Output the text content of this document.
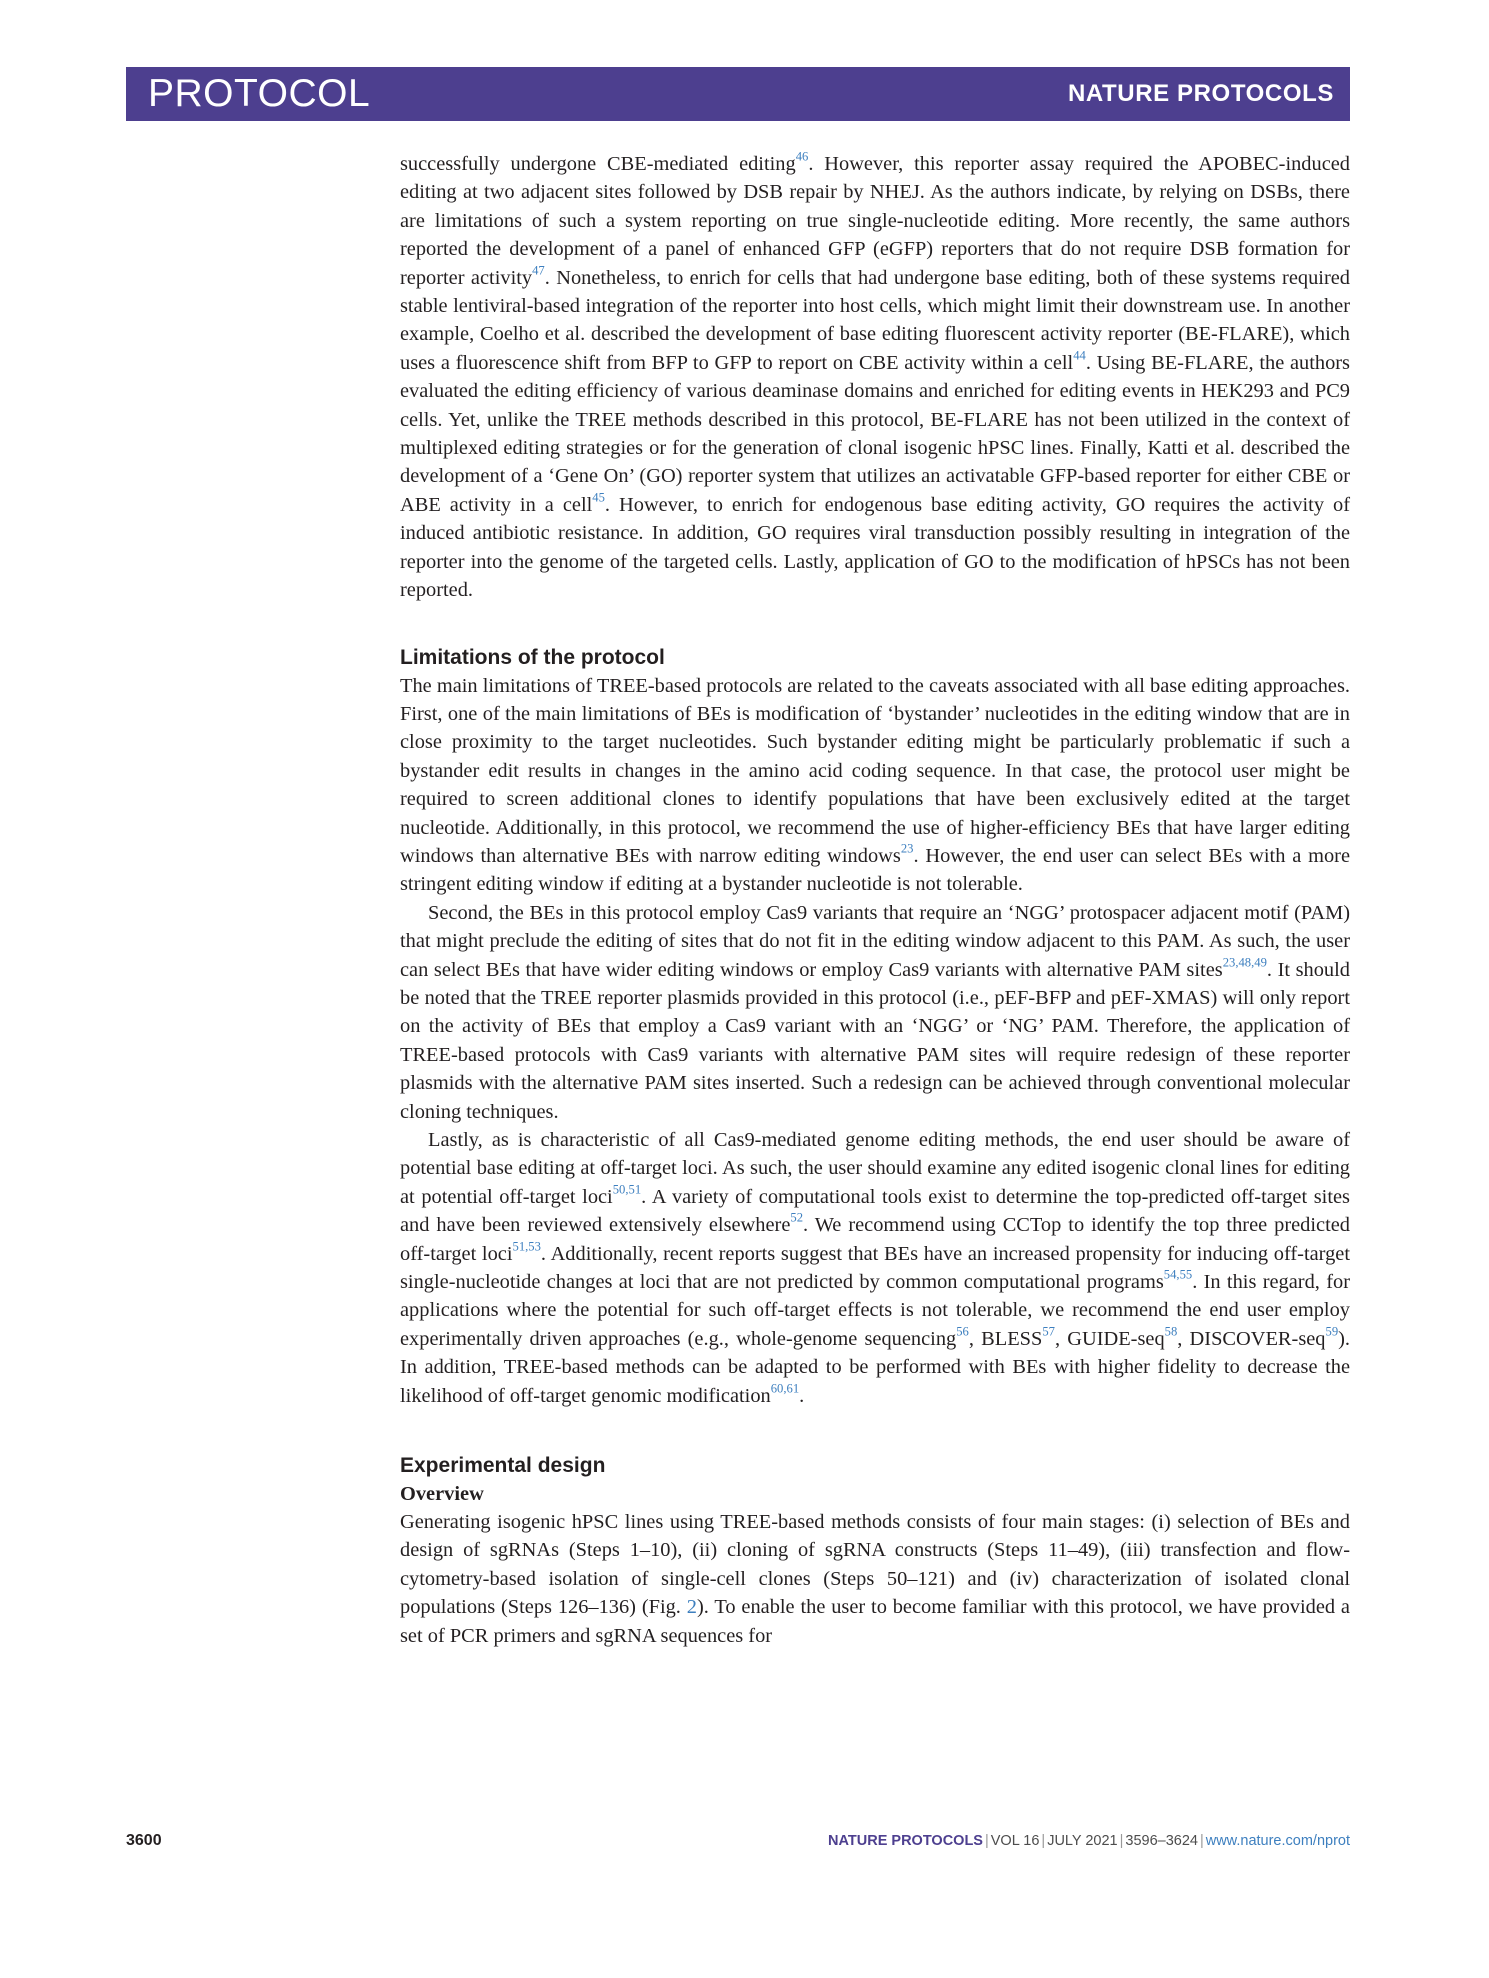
PROTOCOL	NATURE PROTOCOLS

successfully undergone CBE-mediated editing$^{46}$. However, this reporter assay required the APOBEC-induced editing at two adjacent sites followed by DSB repair by NHEJ. As the authors indicate, by relying on DSBs, there are limitations of such a system reporting on true single-nucleotide editing. More recently, the same authors reported the development of a panel of enhanced GFP (eGFP) reporters that do not require DSB formation for reporter activity$^{47}$. Nonetheless, to enrich for cells that had undergone base editing, both of these systems required stable lentiviral-based integration of the reporter into host cells, which might limit their downstream use. In another example, Coelho et al. described the development of base editing fluorescent activity reporter (BE-FLARE), which uses a fluorescence shift from BFP to GFP to report on CBE activity within a cell$^{44}$. Using BE-FLARE, the authors evaluated the editing efficiency of various deaminase domains and enriched for editing events in HEK293 and PC9 cells. Yet, unlike the TREE methods described in this protocol, BE-FLARE has not been utilized in the context of multiplexed editing strategies or for the generation of clonal isogenic hPSC lines. Finally, Katti et al. described the development of a ‘Gene On’ (GO) reporter system that utilizes an activatable GFP-based reporter for either CBE or ABE activity in a cell$^{45}$. However, to enrich for endogenous base editing activity, GO requires the activity of induced antibiotic resistance. In addition, GO requires viral transduction possibly resulting in integration of the reporter into the genome of the targeted cells. Lastly, application of GO to the modification of hPSCs has not been reported.

Limitations of the protocol

The main limitations of TREE-based protocols are related to the caveats associated with all base editing approaches. First, one of the main limitations of BEs is modification of ‘bystander’ nucleotides in the editing window that are in close proximity to the target nucleotides. Such bystander editing might be particularly problematic if such a bystander edit results in changes in the amino acid coding sequence. In that case, the protocol user might be required to screen additional clones to identify populations that have been exclusively edited at the target nucleotide. Additionally, in this protocol, we recommend the use of higher-efficiency BEs that have larger editing windows than alternative BEs with narrow editing windows$^{23}$. However, the end user can select BEs with a more stringent editing window if editing at a bystander nucleotide is not tolerable.

Second, the BEs in this protocol employ Cas9 variants that require an ‘NGG’ protospacer adjacent motif (PAM) that might preclude the editing of sites that do not fit in the editing window adjacent to this PAM. As such, the user can select BEs that have wider editing windows or employ Cas9 variants with alternative PAM sites$^{23,48,49}$. It should be noted that the TREE reporter plasmids provided in this protocol (i.e., pEF-BFP and pEF-XMAS) will only report on the activity of BEs that employ a Cas9 variant with an ‘NGG’ or ‘NG’ PAM. Therefore, the application of TREE-based protocols with Cas9 variants with alternative PAM sites will require redesign of these reporter plasmids with the alternative PAM sites inserted. Such a redesign can be achieved through conventional molecular cloning techniques.

Lastly, as is characteristic of all Cas9-mediated genome editing methods, the end user should be aware of potential base editing at off-target loci. As such, the user should examine any edited isogenic clonal lines for editing at potential off-target loci$^{50,51}$. A variety of computational tools exist to determine the top-predicted off-target sites and have been reviewed extensively elsewhere$^{52}$. We recommend using CCTop to identify the top three predicted off-target loci$^{51,53}$. Additionally, recent reports suggest that BEs have an increased propensity for inducing off-target single-nucleotide changes at loci that are not predicted by common computational programs$^{54,55}$. In this regard, for applications where the potential for such off-target effects is not tolerable, we recommend the end user employ experimentally driven approaches (e.g., whole-genome sequencing$^{56}$, BLESS$^{57}$, GUIDE-seq$^{58}$, DISCOVER-seq$^{59}$). In addition, TREE-based methods can be adapted to be performed with BEs with higher fidelity to decrease the likelihood of off-target genomic modification$^{60,61}$.

Experimental design
Overview

Generating isogenic hPSC lines using TREE-based methods consists of four main stages: (i) selection of BEs and design of sgRNAs (Steps 1–10), (ii) cloning of sgRNA constructs (Steps 11–49), (iii) transfection and flow-cytometry-based isolation of single-cell clones (Steps 50–121) and (iv) characterization of isolated clonal populations (Steps 126–136) (Fig. 2). To enable the user to become familiar with this protocol, we have provided a set of PCR primers and sgRNA sequences for

3600	NATURE PROTOCOLS | VOL 16 | JULY 2021 | 3596–3624 | www.nature.com/nprot
